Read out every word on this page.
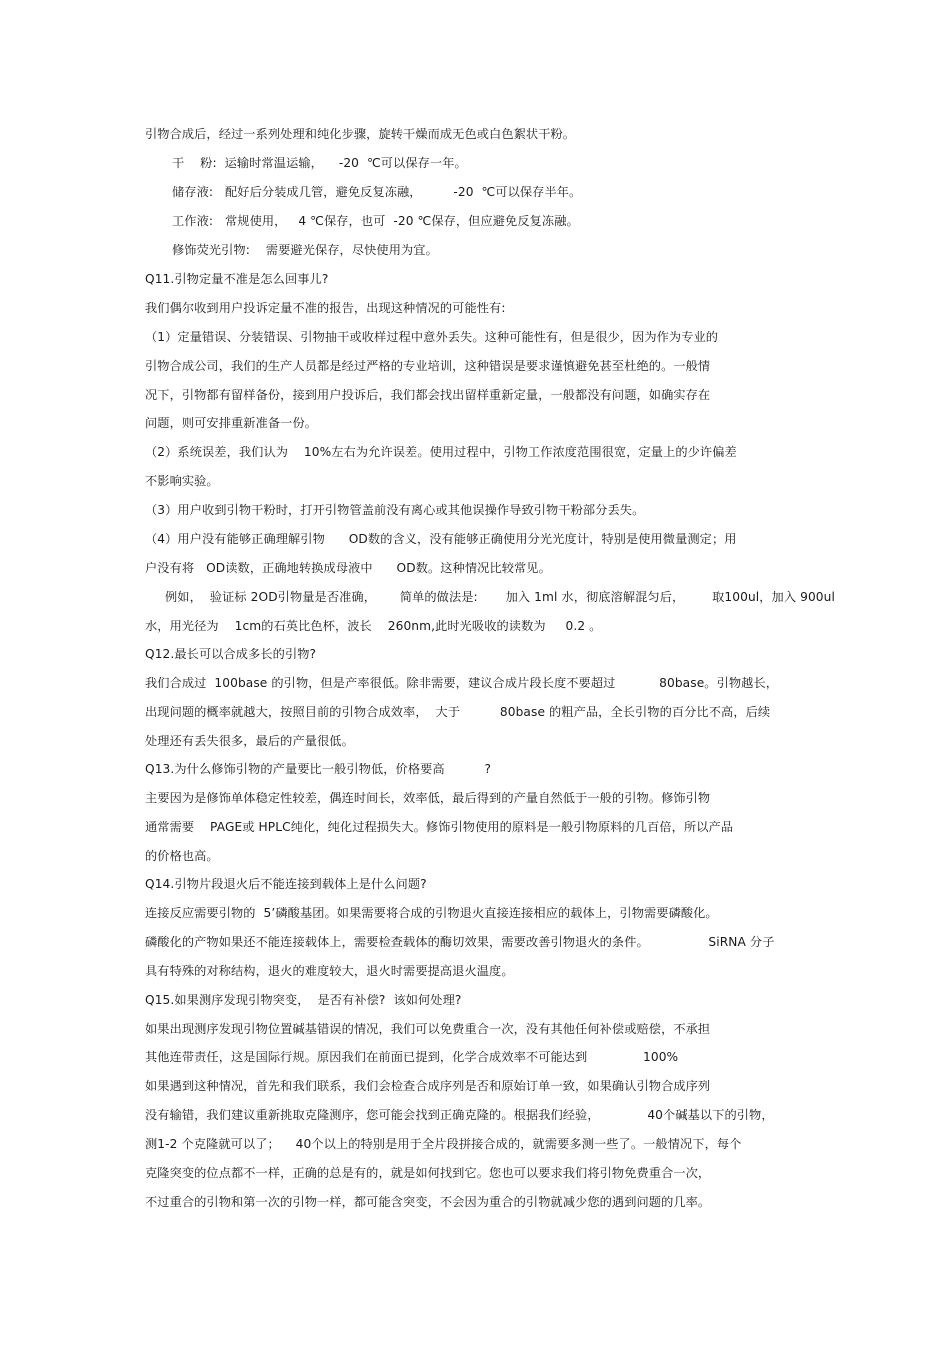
引物合成后，经过一系列处理和纯化步骤，旋转干燥而成无色或白色絮状干粉。
干    粉:  运输时常温运输，    -20  ℃可以保存一年。
储存液:   配好后分装成几管，避免反复冻融，        -20  ℃可以保存半年。
工作液:   常规使用，   4 ℃保存，也可  -20 ℃保存，但应避免反复冻融。
修饰荧光引物:    需要避光保存，尽快使用为宜。
Q11.引物定量不准是怎么回事儿?
我们偶尔收到用户投诉定量不准的报告，出现这种情况的可能性有:
（1）定量错误、分装错误、引物抽干或收样过程中意外丢失。这种可能性有，但是很少，因为作为专业的
引物合成公司，我们的生产人员都是经过严格的专业培训，这种错误是要求谨慎避免甚至杜绝的。一般情
况下，引物都有留样备份，接到用户投诉后，我们都会找出留样重新定量，一般都没有问题，如确实存在
问题，则可安排重新准备一份。
（2）系统误差，我们认为    10%左右为允许误差。使用过程中，引物工作浓度范围很宽，定量上的少许偏差
不影响实验。
（3）用户收到引物干粉时，打开引物管盖前没有离心或其他误操作导致引物干粉部分丢失。
（4）用户没有能够正确理解引物      OD数的含义，没有能够正确使用分光光度计，特别是使用微量测定；用
户没有将   OD读数，正确地转换成母液中      OD数。这种情况比较常见。
例如，  验证标 2OD引物量是否准确，      简单的做法是:       加入 1ml 水，彻底溶解混匀后，       取100ul，加入 900ul
水，用光径为    1cm的石英比色杯，波长    260nm,此时光吸收的读数为     0.2 。
Q12.最长可以合成多长的引物?
我们合成过  100base 的引物，但是产率很低。除非需要，建议合成片段长度不要超过           80base。引物越长，
出现问题的概率就越大，按照目前的引物合成效率，  大于          80base 的粗产品，全长引物的百分比不高，后续
处理还有丢失很多，最后的产量很低。
Q13.为什么修饰引物的产量要比一般引物低，价格要高          ?
主要因为是修饰单体稳定性较差，偶连时间长，效率低，最后得到的产量自然低于一般的引物。修饰引物
通常需要    PAGE或 HPLC纯化，纯化过程损失大。修饰引物使用的原料是一般引物原料的几百倍，所以产品
的价格也高。
Q14.引物片段退火后不能连接到载体上是什么问题?
连接反应需要引物的  5’磷酸基团。如果需要将合成的引物退火直接连接相应的载体上，引物需要磷酸化。
磷酸化的产物如果还不能连接载体上，需要检查载体的酶切效果，需要改善引物退火的条件。               SiRNA 分子
具有特殊的对称结构，退火的难度较大，退火时需要提高退火温度。
Q15.如果测序发现引物突变，  是否有补偿?  该如何处理?
如果出现测序发现引物位置碱基错误的情况，我们可以免费重合一次，没有其他任何补偿或赔偿，不承担
其他连带责任，这是国际行规。原因我们在前面已提到，化学合成效率不可能达到              100%
如果遇到这种情况，首先和我们联系，我们会检查合成序列是否和原始订单一致，如果确认引物合成序列
没有输错，我们建议重新挑取克隆测序，您可能会找到正确克隆的。根据我们经验，            40个碱基以下的引物，
测1-2 个克隆就可以了；    40个以上的特别是用于全片段拼接合成的，就需要多测一些了。一般情况下，每个
克隆突变的位点都不一样，正确的总是有的，就是如何找到它。您也可以要求我们将引物免费重合一次，
不过重合的引物和第一次的引物一样，都可能含突变，不会因为重合的引物就减少您的遇到问题的几率。
